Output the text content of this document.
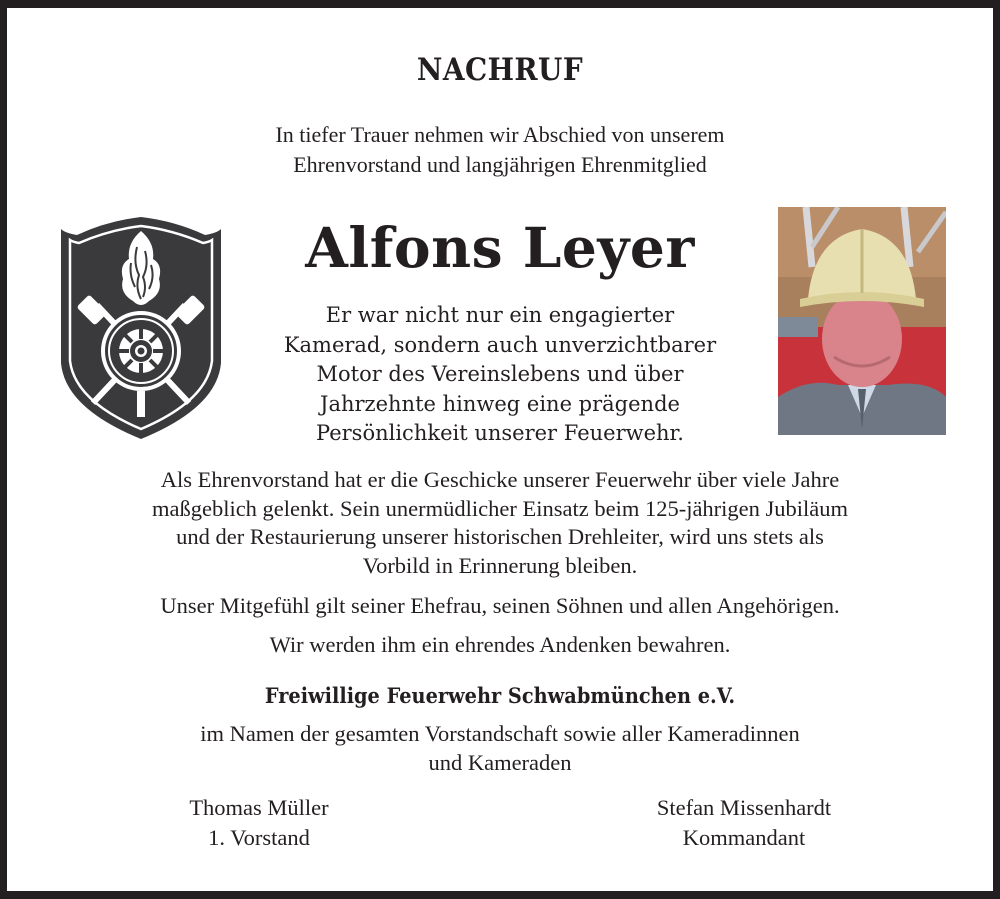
NACHRUF
In tiefer Trauer nehmen wir Abschied von unserem
Ehrenvorstand und langjährigen Ehrenmitglied
Alfons Leyer
Er war nicht nur ein engagierter
Kamerad, sondern auch unverzichtbarer
Motor des Vereinslebens und über
Jahrzehnte hinweg eine prägende
Persönlichkeit unserer Feuerwehr.
Als Ehrenvorstand hat er die Geschicke unserer Feuerwehr über viele Jahre
maßgeblich gelenkt. Sein unermüdlicher Einsatz beim 125-jährigen Jubiläum
und der Restaurierung unserer historischen Drehleiter, wird uns stets als
Vorbild in Erinnerung bleiben.
Unser Mitgefühl gilt seiner Ehefrau, seinen Söhnen und allen Angehörigen.
Wir werden ihm ein ehrendes Andenken bewahren.
Freiwillige Feuerwehr Schwabmünchen e.V.
im Namen der gesamten Vorstandschaft sowie aller Kameradinnen
und Kameraden
Thomas Müller
1. Vorstand
Stefan Missenhardt
Kommandant
